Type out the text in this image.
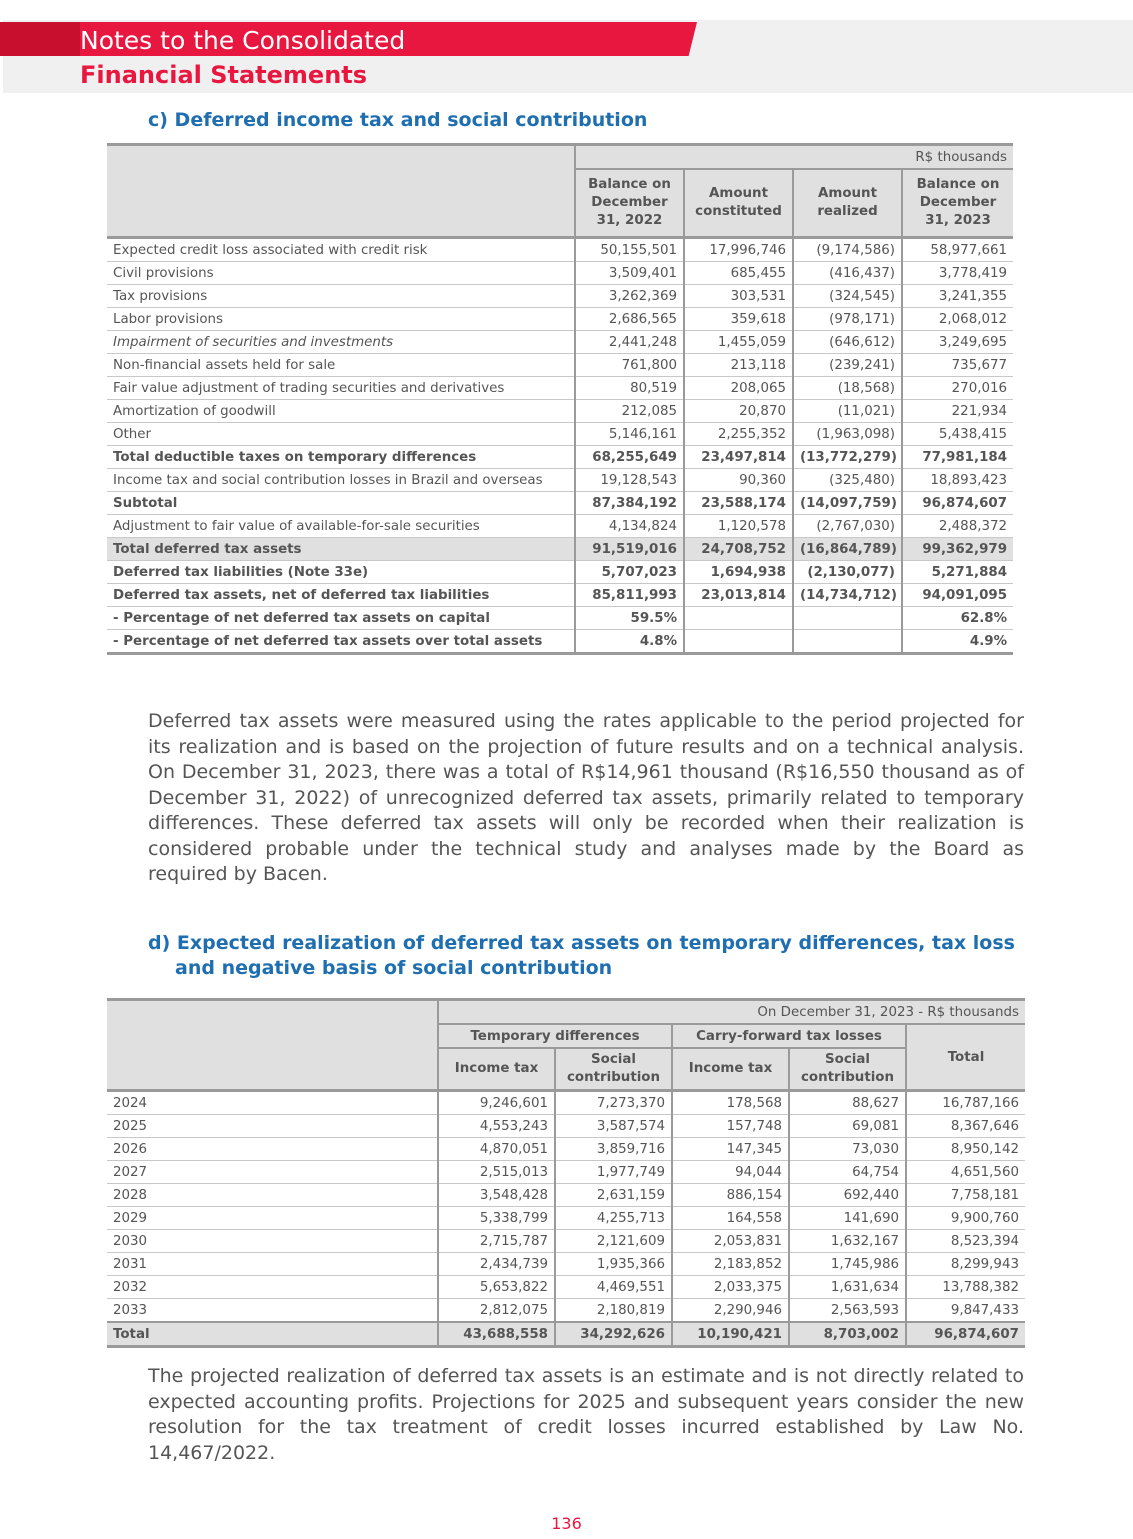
Notes to the Consolidated
Financial Statements
c) Deferred income tax and social contribution
	R$ thousands			
	Balance on December 31, 2022	Amount constituted	Amount realized	Balance on December 31, 2023
Expected credit loss associated with credit risk	50,155,501	17,996,746	(9,174,586)	58,977,661
Civil provisions	3,509,401	685,455	(416,437)	3,778,419
Tax provisions	3,262,369	303,531	(324,545)	3,241,355
Labor provisions	2,686,565	359,618	(978,171)	2,068,012
Impairment of securities and investments	2,441,248	1,455,059	(646,612)	3,249,695
Non-financial assets held for sale	761,800	213,118	(239,241)	735,677
Fair value adjustment of trading securities and derivatives	80,519	208,065	(18,568)	270,016
Amortization of goodwill	212,085	20,870	(11,021)	221,934
Other	5,146,161	2,255,352	(1,963,098)	5,438,415
Total deductible taxes on temporary differences	68,255,649	23,497,814	(13,772,279)	77,981,184
Income tax and social contribution losses in Brazil and overseas	19,128,543	90,360	(325,480)	18,893,423
Subtotal	87,384,192	23,588,174	(14,097,759)	96,874,607
Adjustment to fair value of available-for-sale securities	4,134,824	1,120,578	(2,767,030)	2,488,372
Total deferred tax assets	91,519,016	24,708,752	(16,864,789)	99,362,979
Deferred tax liabilities (Note 33e)	5,707,023	1,694,938	(2,130,077)	5,271,884
Deferred tax assets, net of deferred tax liabilities	85,811,993	23,013,814	(14,734,712)	94,091,095
- Percentage of net deferred tax assets on capital	59.5%			62.8%
- Percentage of net deferred tax assets over total assets	4.8%			4.9%
Deferred tax assets were measured using the rates applicable to the period projected for its realization and is based on the projection of future results and on a technical analysis. On December 31, 2023, there was a total of R$14,961 thousand (R$16,550 thousand as of December 31, 2022) of unrecognized deferred tax assets, primarily related to temporary differences. These deferred tax assets will only be recorded when their realization is considered probable under the technical study and analyses made by the Board as required by Bacen.
d) Expected realization of deferred tax assets on temporary differences, tax loss
and negative basis of social contribution
	On December 31, 2023 - R$ thousands				
	Temporary differences		Carry-forward tax losses		Total
	Income tax	Social contribution	Income tax	Social contribution	
2024	9,246,601	7,273,370	178,568	88,627	16,787,166
2025	4,553,243	3,587,574	157,748	69,081	8,367,646
2026	4,870,051	3,859,716	147,345	73,030	8,950,142
2027	2,515,013	1,977,749	94,044	64,754	4,651,560
2028	3,548,428	2,631,159	886,154	692,440	7,758,181
2029	5,338,799	4,255,713	164,558	141,690	9,900,760
2030	2,715,787	2,121,609	2,053,831	1,632,167	8,523,394
2031	2,434,739	1,935,366	2,183,852	1,745,986	8,299,943
2032	5,653,822	4,469,551	2,033,375	1,631,634	13,788,382
2033	2,812,075	2,180,819	2,290,946	2,563,593	9,847,433
Total	43,688,558	34,292,626	10,190,421	8,703,002	96,874,607
The projected realization of deferred tax assets is an estimate and is not directly related to expected accounting profits. Projections for 2025 and subsequent years consider the new resolution for the tax treatment of credit losses incurred established by Law No. 14,467/2022.
136
